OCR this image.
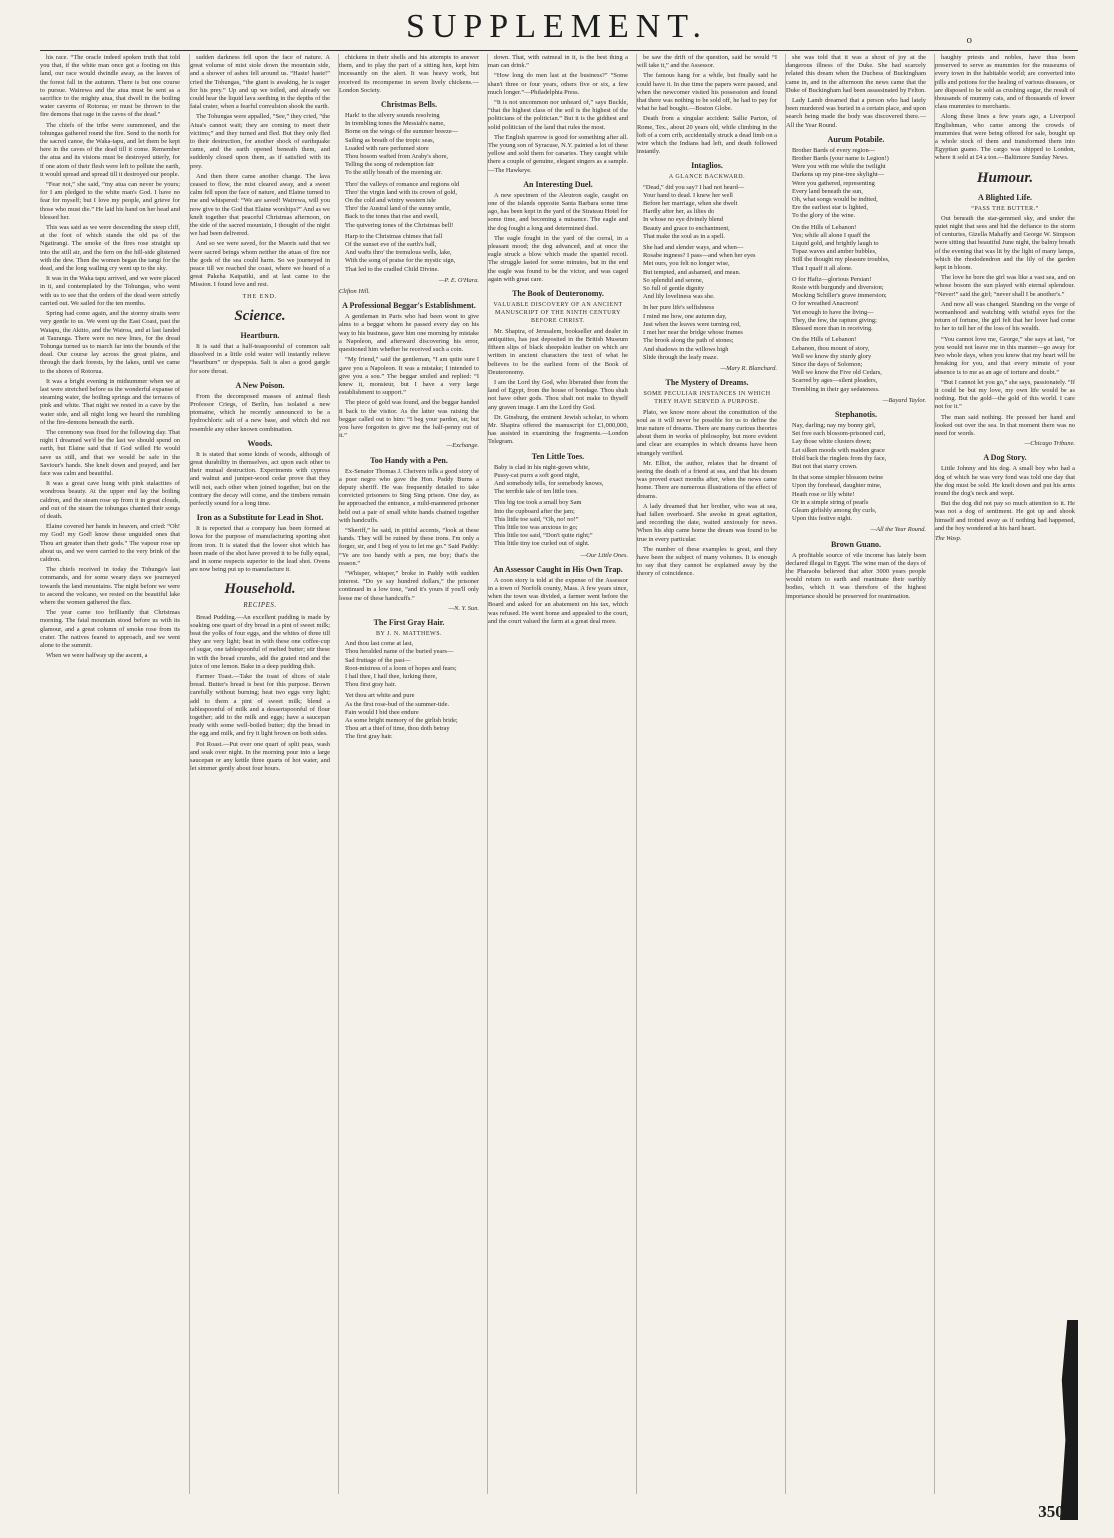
SUPPLEMENT.	o

his race. “The oracle indeed spoken truth that told you that, if the white man once got a footing on this land, our race would dwindle away, as the leaves of the forest fall in the autumn. There is but one course to pursue. Wairewa and the atua must be sent as a sacrifice to the mighty atua, that dwell in the boiling water caverns of Rotorua; or must be thrown to the fire demons that rage in the caves of the dead.”

The chiefs of the tribe were summoned, and the tohungas gathered round the fire. Send to the north for the sacred canoe, the Waka-tapu, and let them be kept here in the caves of the dead till it come. Remember the atua and its visions must be destroyed utterly, for if one atom of their flesh were left to pollute the earth, it would spread and spread till it destroyed our people.

“Fear not,” she said, “my atua can never be yours; for I am pledged to the white man's God. I have no fear for myself; but I love my people, and grieve for those who must die.” He laid his hand on her head and blessed her.

This was said as we were descending the steep cliff, at the foot of which stands the old pa of the Ngatirangi. The smoke of the fires rose straight up into the still air, and the fern on the hill-side glistened with the dew. Then the women began the tangi for the dead, and the long wailing cry went up to the sky.

It was in the Waka tapu arrived, and we were placed in it, and contemplated by the Tohungas, who went with us to see that the orders of the dead were strictly carried out. We sailed for the ten months.

Spring had come again, and the stormy straits were very gentle to us. We went up the East Coast, past the Waiapu, the Akitio, and the Wairoa, and at last landed at Tauranga. There were no new lines, for the dread Tohunga turned us to march far into the bounds of the dead. Our course lay across the great plains, and through the dark forests, by the lakes, until we came to the shores of Rotorua.

It was a bright evening in midsummer when we at last were stretched before us the wonderful expanse of steaming water, the boiling springs and the terraces of pink and white. That night we rested in a cave by the water side, and all night long we heard the rumbling of the fire-demons beneath the earth.

The ceremony was fixed for the following day. That night I dreamed we'd be the last we should spend on earth, but Elaine said that if God willed He would save us still, and that we would be safe in the Saviour's hands. She knelt down and prayed, and her face was calm and beautiful.

It was a great cave hung with pink stalactites of wondrous beauty. At the upper end lay the boiling caldron, and the steam rose up from it in great clouds, and out of the steam the tohungas chanted their songs of death.

Elaine covered her hands in heaven, and cried: “Oh! my God! my God! know these unguided ones that Thou art greater than their gods.” The vapour rose up about us, and we were carried to the very brink of the caldron.

The chiefs received in today the Tohunga's last commands, and for some weary days we journeyed towards the land mountains. The night before we were to ascend the volcano, we rested on the beautiful lake where the women gathered the flax.

The year came too brilliantly that Christmas morning. The fatal mountain stood before us with its glamour, and a great column of smoke rose from its crater. The natives feared to approach, and we went alone to the summit.

When we were halfway up the ascent, a

sudden darkness fell upon the face of nature. A great volume of mist stole down the mountain side, and a shower of ashes fell around us. “Haste! haste!” cried the Tohungas, “the giant is awaking, he is eager for his prey.” Up and up we toiled, and already we could hear the liquid lava seething in the depths of the fatal crater, when a fearful convulsion shook the earth.

The Tohungas were appalled, “See,” they cried, “the Atua's cannot wait; they are coming to meet their victims;” and they turned and fled. But they only fled to their destruction, for another shock of earthquake came, and the earth opened beneath them, and suddenly closed upon them, as if satisfied with its prey.

And then there came another change. The lava ceased to flow, the mist cleared away, and a sweet calm fell upon the face of nature, and Elaine turned to me and whispered: “We are saved! Wairewa, will you now give to the God that Elaine worships?” And as we knelt together that peaceful Christmas afternoon, on the side of the sacred mountain, I thought of the night we had been delivered.

And so we were saved, for the Maoris said that we were sacred beings whom neither the atuas of fire nor the gods of the sea could harm. So we journeyed in peace till we reached the coast, where we heard of a great Pakeha Kaipatiki, and at last came to the Mission. I found love and rest.

THE END.
Science.
Heartburn.

It is said that a half-teaspoonful of common salt dissolved in a little cold water will instantly relieve “heartburn” or dyspepsia. Salt is also a good gargle for sore throat.

A New Poison.

From the decomposed masses of animal flesh Professor Criegs, of Berlin, has isolated a new ptomaine, which he recently announced to be a hydrochloric salt of a new base, and which did not resemble any other known combination.

Woods.

It is stated that some kinds of woods, although of great durability in themselves, act upon each other to their mutual destruction. Experiments with cypress and walnut and juniper-wood cedar prove that they will not, each other when joined together, but on the contrary the decay will come, and the timbers remain perfectly sound for a long time.

Iron as a Substitute for Lead in Shot.

It is reported that a company has been formed at Iowa for the purpose of manufacturing sporting shot from iron. It is stated that the lower shot which has been made of the shot have proved it to be fully equal, and in some respects superior to the lead shot. Ovens are now being put up to manufacture it.

Household.
RECIPES.

Bread Pudding.—An excellent pudding is made by soaking one quart of dry bread in a pint of sweet milk; beat the yolks of four eggs, and the whites of three till they are very light; beat in with these one coffee-cup of sugar, one tablespoonful of melted butter; stir these in with the bread crumbs, add the grated rind and the juice of one lemon. Bake in a deep pudding dish.

Farmer Toast.—Take the toast of slices of stale bread. Butter's bread is best for this purpose. Brown carefully without burning; heat two eggs very light; add to them a pint of sweet milk; blend a tablespoonful of milk and a dessertspoonful of flour together; add to the milk and eggs; have a saucepan ready with some well-boiled butter; dip the bread in the egg and milk, and fry it light brown on both sides.

Pot Roast.—Put over one quart of split peas, wash and soak over night. In the morning pour into a large saucepan or any kettle three quarts of hot water, and let simmer gently about four hours.

chickens in their shells and his attempts to answer them, and to play the part of a sitting hen, kept him incessantly on the alert. It was heavy work, but received its recompense in seven lively chickens.—London Society.

Christmas Bells.
Hark! to the silvery sounds resolving
In trembling tones the Messiah's name,
Borne on the wings of the summer breeze—
Sailing as breath of the tropic seas,
Loaded with rare perfumed store
Thou bosom wafted from Araby's shore,
Telling the song of redemption fair
To the stilly breath of the morning air.
Thro' the valleys of romance and regions old
Thro' the virgin land with its crown of gold,
On the cold and wintry western isle
Thro' the Austral land of the sunny smile,
Back to the tones that rise and swell,
The quivering tones of the Christmas bell!
Harp to the Christmas chimes that fall
Of the sunset eve of the earth's ball,
And wafts thro' the tremulous wells, lake,
With the song of praise for the mystic sign,
That led to the cradled Child Divine.
—P. E. O'Hara.
Clifton Hill.
A Professional Beggar's Establishment.

A gentleman in Paris who had been wont to give alms to a beggar whom he passed every day on his way to his business, gave him one morning by mistake a Napoleon, and afterward discovering his error, questioned him whether he received such a coin.

“My friend,” said the gentleman, “I am quite sure I gave you a Napoleon. It was a mistake; I intended to give you a sou.” The beggar smiled and replied: “I knew it, monsieur, but I have a very large establishment to support.”

The piece of gold was found, and the beggar handed it back to the visitor. As the latter was raising the beggar called out to him: “I beg your pardon, sir, but you have forgotten to give me the half-penny out of it.”

—Exchange.
Too Handy with a Pen.

Ex-Senator Thomas J. Cheivers tells a good story of a poor negro who gave the Hon. Paddy Burns a deputy sheriff. He was frequently detailed to take convicted prisoners to Sing Sing prison. One day, as he approached the entrance, a mild-mannered prisoner held out a pair of small white hands chained together with handcuffs.

“Sheriff,” he said, in pitiful accents, “look at these hands. They will be ruined by these irons. I'm only a forger, sir, and I beg of you to let me go.” Said Paddy: “Ye are too handy with a pen, me boy; that's the reason.”

“Whisper, whisper,” broke in Paddy with sudden interest. “Do ye say hundred dollars,” the prisoner continued in a low tone, “and it's yours if you'll only loose me of these handcuffs.”

—N. Y. Sun.
The First Gray Hair.
BY J. N. MATTHEWS.
And thou last come at last,
Thou heralded name of the buried years—
Sad fruitage of the past—
Root-mistress of a loom of hopes and fears;
I hail thee, I hail thee, lurking there,
Thou first gray hair.
Yet thou art white and pure
As the first rose-bud of the summer-tide.
Fain would I bid thee endure
As some bright memory of the girlish bride;
Thou art a thief of time, thou doth betray
The first gray hair.

down. That, with oatmeal in it, is the best thing a man can drink.”

“How long do men last at the business?” “Some shan't three or four years, others five or six, a few much longer.”—Philadelphia Press.

“It is not uncommon nor unheard of,” says Buckle, “that the highest class of the soil is the highest of the politicians of the politician.” But it is the giddiest and solid politician of the land that rules the most.

The English sparrow is good for something after all. The young son of Syracuse, N.Y. painted a lot of these yellow and sold them for canaries. They caught while there a couple of genuine, elegant singers as a sample.—The Hawkeye.

An Interesting Duel.

A new specimen of the Aleutron eagle, caught on one of the islands opposite Santa Barbara some time ago, has been kept in the yard of the Strateau Hotel for some time, and becoming a nuisance. The eagle and the dog fought a long and determined duel.

The eagle fought in the yard of the corral, in a pleasant mood; the dog advanced, and at once the eagle struck a blow which made the spaniel recoil. The struggle lasted for some minutes, but in the end the eagle was found to be the victor, and was caged again with great care.

The Book of Deuteronomy.
VALUABLE DISCOVERY OF AN ANCIENT MANUSCRIPT OF THE NINTH CENTURY BEFORE CHRIST.

Mr. Shapira, of Jerusalem, bookseller and dealer in antiquities, has just deposited in the British Museum fifteen slips of black sheepskin leather on which are written in ancient characters the text of what he believes to be the earliest form of the Book of Deuteronomy.

I am the Lord thy God, who liberated thee from the land of Egypt, from the house of bondage. Thou shalt not have other gods. Thou shalt not make to thyself any graven image. I am the Lord thy God.

Dr. Ginsburg, the eminent Jewish scholar, to whom Mr. Shapira offered the manuscript for £1,000,000, has assisted in examining the fragments.—London Telegram.

Ten Little Toes.
Baby is clad in his night-gown white,
Pussy-cat purrs a soft good night,
And somebody tells, for somebody knows,
The terrible tale of ten little toes.
This big toe took a small boy Sam
Into the cupboard after the jam;
This little toe said, “Oh, no! no!”
This little toe was anxious to go;
This little toe said, “Don't quite right;”
This little tiny toe curled out of sight.
—Our Little Ones.
An Assessor Caught in His Own Trap.

A coon story is told at the expense of the Assessor in a town of Norfolk county, Mass. A few years since, when the town was divided, a farmer went before the Board and asked for an abatement on his tax, which was refused. He went home and appealed to the court, and the court valued the farm at a great deal more.

be saw the drift of the question, said he would “I will take it,” and the Assessor.

The famous hang for a while, but finally said he could have it. In due time the papers were passed, and when the newcomer visited his possession and found that there was nothing to be sold off, he had to pay for what he had bought.—Boston Globe.

Death from a singular accident: Sallie Parton, of Rome, Tex., about 20 years old, while climbing in the loft of a corn crib, accidentally struck a dead limb on a wire which the Indians had left, and death followed instantly.

Intaglios.
A GLANCE BACKWARD.
“Dead,” did you say? I had not heard—
Your hand to dead. I knew her well
Before her marriage, when she dwelt
Hardly after her, as lilies do
In whose no eye divinely blend
Beauty and grace to enchantment,
That make the soul as in a spell.
She had and slender ways, and when—
Rosabe ingness? I pass—and when her eyes
Met ours, you felt no longer wise,
But tempted, and ashamed, and mean.
So splendid and serene,
So full of gentle dignity
And lily loveliness was she.
In her pure life's selfishness
I mind me how, one autumn day,
Just when the leaves were turning red,
I met her near the bridge whose frames
The brook along the path of stones;
And shadows in the willows high
Slide through the leafy maze.
—Mary R. Blanchard.
The Mystery of Dreams.
SOME PECULIAR INSTANCES IN WHICH THEY HAVE SERVED A PURPOSE.

Plato, we know more about the constitution of the soul as it will never be possible for us to define the true nature of dreams. There are many curious theories about them in works of philosophy, but more evident and clear are examples in which dreams have been strangely verified.

Mr. Elliot, the author, relates that he dreamt of seeing the death of a friend at sea, and that his dream was proved exact months after, when the news came home. There are numerous illustrations of the effect of dreams.

A lady dreamed that her brother, who was at sea, had fallen overboard. She awoke in great agitation, and recording the date, waited anxiously for news. When his ship came home the dream was found to be true in every particular.

The number of these examples is great, and they have been the subject of many volumes. It is enough to say that they cannot be explained away by the theory of coincidence.

she was told that it was a shout of joy at the dangerous illness of the Duke. She had scarcely related this dream when the Duchess of Buckingham came in, and in the afternoon the news came that the Duke of Buckingham had been assassinated by Felton.

Lady Lamb dreamed that a person who had lately been murdered was buried in a certain place, and upon search being made the body was discovered there.—All the Year Round.

Aurum Potabile.
Brother Bards of every region—
Brother Bards (your name is Legion!)
Were you with me while the twilight
Darkens up my pine-tree skylight—
Were you gathered, representing
Every land beneath the sun,
Oh, what songs would be indited,
Ere the earliest star is lighted,
To the glory of the wine.
On the Hills of Lebanon!
Yes; while all alone I quaff the
Liquid gold, and brightly laugh to
Topaz waves and amber bubbles,
Still the thought my pleasure troubles,
That I quaff it all alone.
O for Hafiz—glorious Persian!
Rosie with burgundy and diversion;
Mocking Schiller's grave immersion;
O for wreathed Anacreon!
Yet enough to have the living—
They, the few, the rapture giving;
Blessed more than in receiving.
On the Hills of Lebanon!
Lebanon, thou mount of story,
Well we know thy sturdy glory
Since the days of Solomon;
Well we know the Five old Cedars,
Scarred by ages—silent pleaders,
Trembling in their gay sedateness.
—Bayard Taylor.
Stephanotis.
Nay, darling; nay my bonny girl,
Set free each blossom-prisoned curl,
Lay those white clusters down;
Let silken moods with maiden grace
Hold back the ringlets from thy face,
But not that starry crown.
In that some simpler blossom twine
Upon thy forehead, daughter mine,
Heath rose or lily white!
Or in a simple string of pearls
Gleam girlishly among thy curls,
Upon this festive night.
—All the Year Round.
Brown Guano.

A profitable source of vile income has lately been declared illegal in Egypt. The wine man of the days of the Pharaohs believed that after 3000 years people would return to earth and reanimate their earthly bodies, which it was therefore of the highest importance should be preserved for reanimation.

haughty priests and nobles, have thus been preserved to serve as mummies for the museums of every town in the habitable world; are converted into pills and potions for the healing of various diseases, or are disposed to be sold as crushing sugar, the result of thousands of mummy cats, and of thousands of lower class mummies to merchants.

Along these lines a few years ago, a Liverpool Englishman, who came among the crowds of mummies that were being offered for sale, bought up a whole stock of them and transformed them into Egyptian guano. The cargo was shipped to London, where it sold at £4 a ton.—Baltimore Sunday News.

Humour.
A Blighted Life.
“PASS THE BUTTER.”

Out beneath the star-gemmed sky, and under the quiet night that sees and hid the defiance to the storm of centuries, Gizella Mahaffy and George W. Simpson were sitting that beautiful June night, the balmy breath of the evening that was lit by the light of many lamps, which the rhododendron and the lily of the garden kept in bloom.

The love he bore the girl was like a vast sea, and on whose bosom the sun played with eternal splendour. “Never!” said the girl; “never shall I be another's.”

And now all was changed. Standing on the verge of womanhood and watching with wistful eyes for the return of fortune, the girl felt that her lover had come to her to tell her of the loss of his wealth.

“You cannot love me, George,” she says at last, “or you would not leave me in this manner—go away for two whole days, when you know that my heart will be breaking for you, and that every minute of your absence is to me as an age of torture and doubt.”

“But I cannot let you go,” she says, passionately. “If it could be but my love, my own life would be as nothing. But the gold—the gold of this world. I care not for it.”

The man said nothing. He pressed her hand and looked out over the sea. In that moment there was no need for words.

—Chicago Tribune.
A Dog Story.

Little Johnny and his dog. A small boy who had a dog of which he was very fond was told one day that the dog must be sold. He knelt down and put his arms round the dog's neck and wept.

But the dog did not pay so much attention to it. He was not a dog of sentiment. He got up and shook himself and trotted away as if nothing had happened, and the boy wondered at his hard heart.

The Wasp.
350.
